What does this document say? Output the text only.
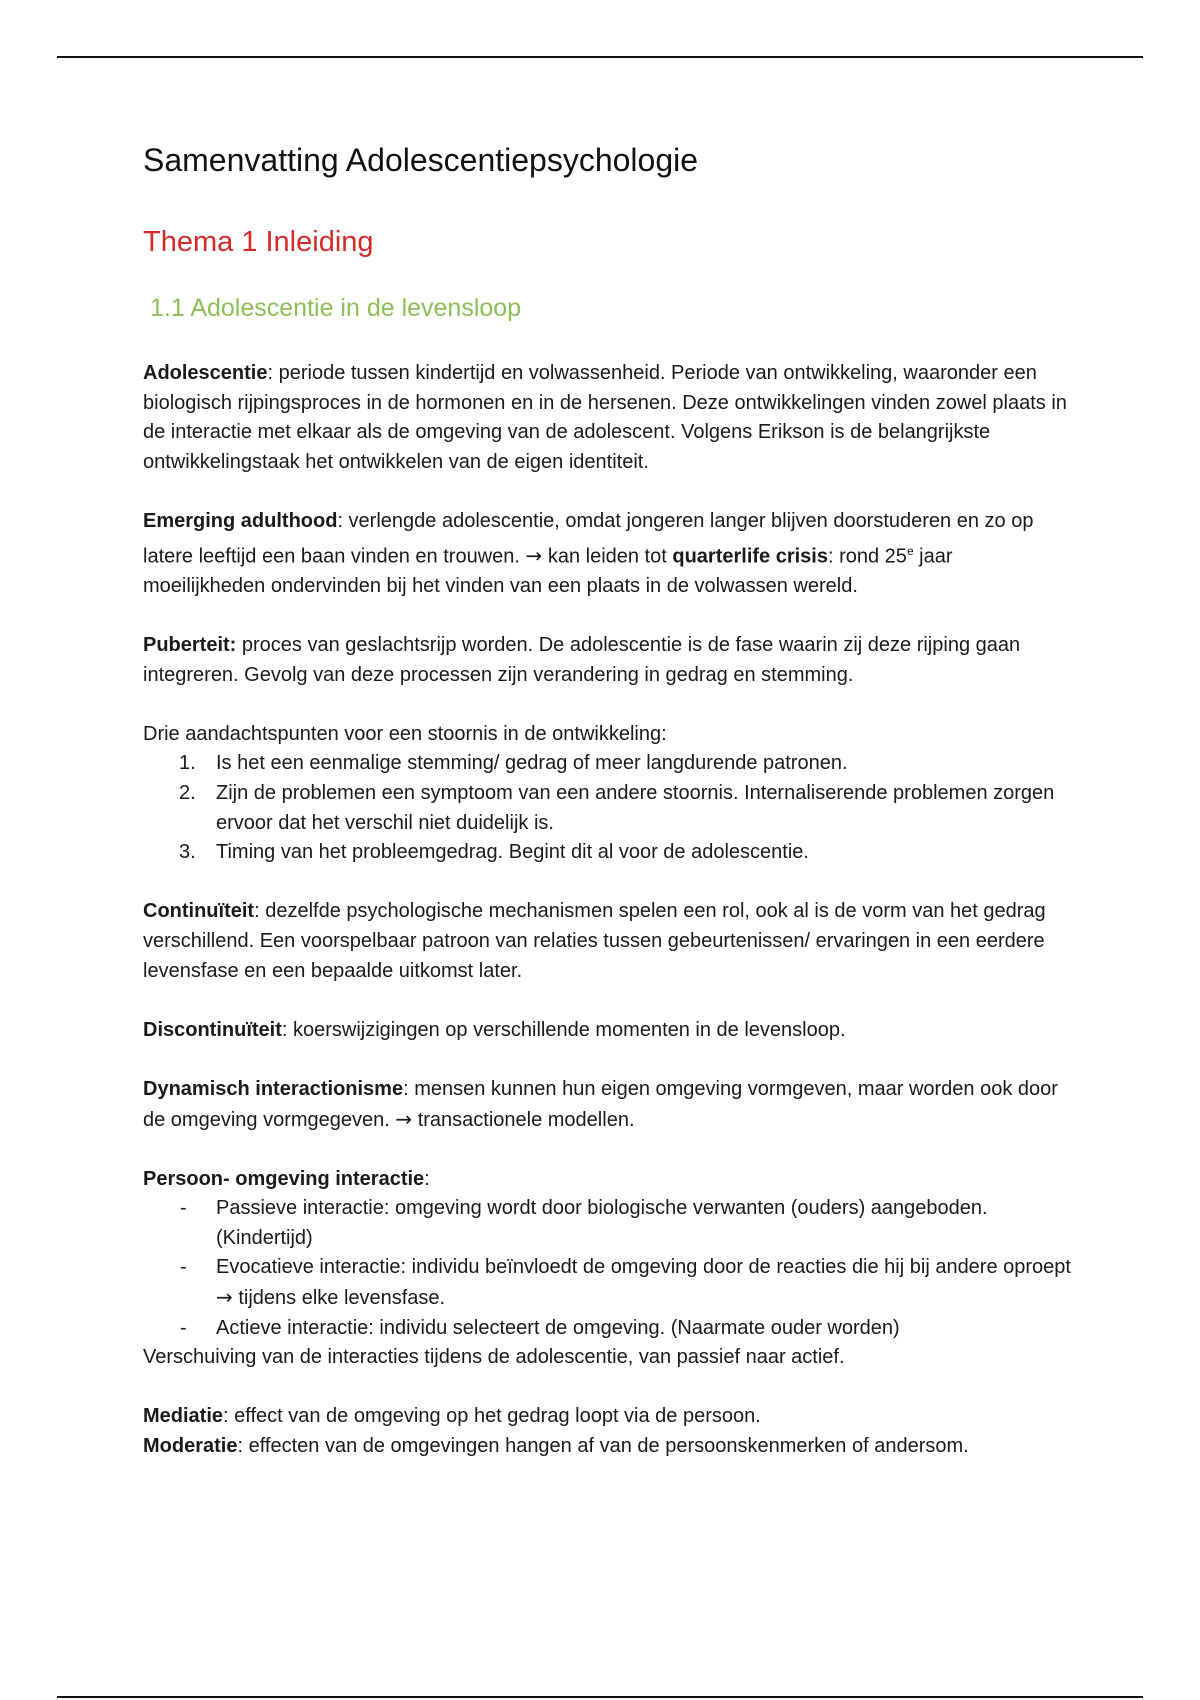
Samenvatting Adolescentiepsychologie
Thema 1 Inleiding
1.1 Adolescentie in de levensloop

Adolescentie: periode tussen kindertijd en volwassenheid. Periode van ontwikkeling, waaronder een biologisch rijpingsproces in de hormonen en in de hersenen. Deze ontwikkelingen vinden zowel plaats in de interactie met elkaar als de omgeving van de adolescent. Volgens Erikson is de belangrijkste ontwikkelingstaak het ontwikkelen van de eigen identiteit.

Emerging adulthood: verlengde adolescentie, omdat jongeren langer blijven doorstuderen en zo op latere leeftijd een baan vinden en trouwen. → kan leiden tot quarterlife crisis: rond 25e jaar moeilijkheden ondervinden bij het vinden van een plaats in de volwassen wereld.

Puberteit: proces van geslachtsrijp worden. De adolescentie is de fase waarin zij deze rijping gaan integreren. Gevolg van deze processen zijn verandering in gedrag en stemming.

Drie aandachtspunten voor een stoornis in de ontwikkeling:

1.	Is het een eenmalige stemming/ gedrag of meer langdurende patronen.
2.	Zijn de problemen een symptoom van een andere stoornis. Internaliserende problemen zorgen ervoor dat het verschil niet duidelijk is.
3.	Timing van het probleemgedrag. Begint dit al voor de adolescentie.

Continuïteit: dezelfde psychologische mechanismen spelen een rol, ook al is de vorm van het gedrag verschillend. Een voorspelbaar patroon van relaties tussen gebeurtenissen/ ervaringen in een eerdere levensfase en een bepaalde uitkomst later.

Discontinuïteit: koerswijzigingen op verschillende momenten in de levensloop.

Dynamisch interactionisme: mensen kunnen hun eigen omgeving vormgeven, maar worden ook door de omgeving vormgegeven. → transactionele modellen.

Persoon- omgeving interactie:

-	Passieve interactie: omgeving wordt door biologische verwanten (ouders) aangeboden. (Kindertijd)
-	Evocatieve interactie: individu beïnvloedt de omgeving door de reacties die hij bij andere oproept → tijdens elke levensfase.
-	Actieve interactie: individu selecteert de omgeving. (Naarmate ouder worden)

Verschuiving van de interacties tijdens de adolescentie, van passief naar actief.

Mediatie: effect van de omgeving op het gedrag loopt via de persoon.

Moderatie: effecten van de omgevingen hangen af van de persoonskenmerken of andersom.
